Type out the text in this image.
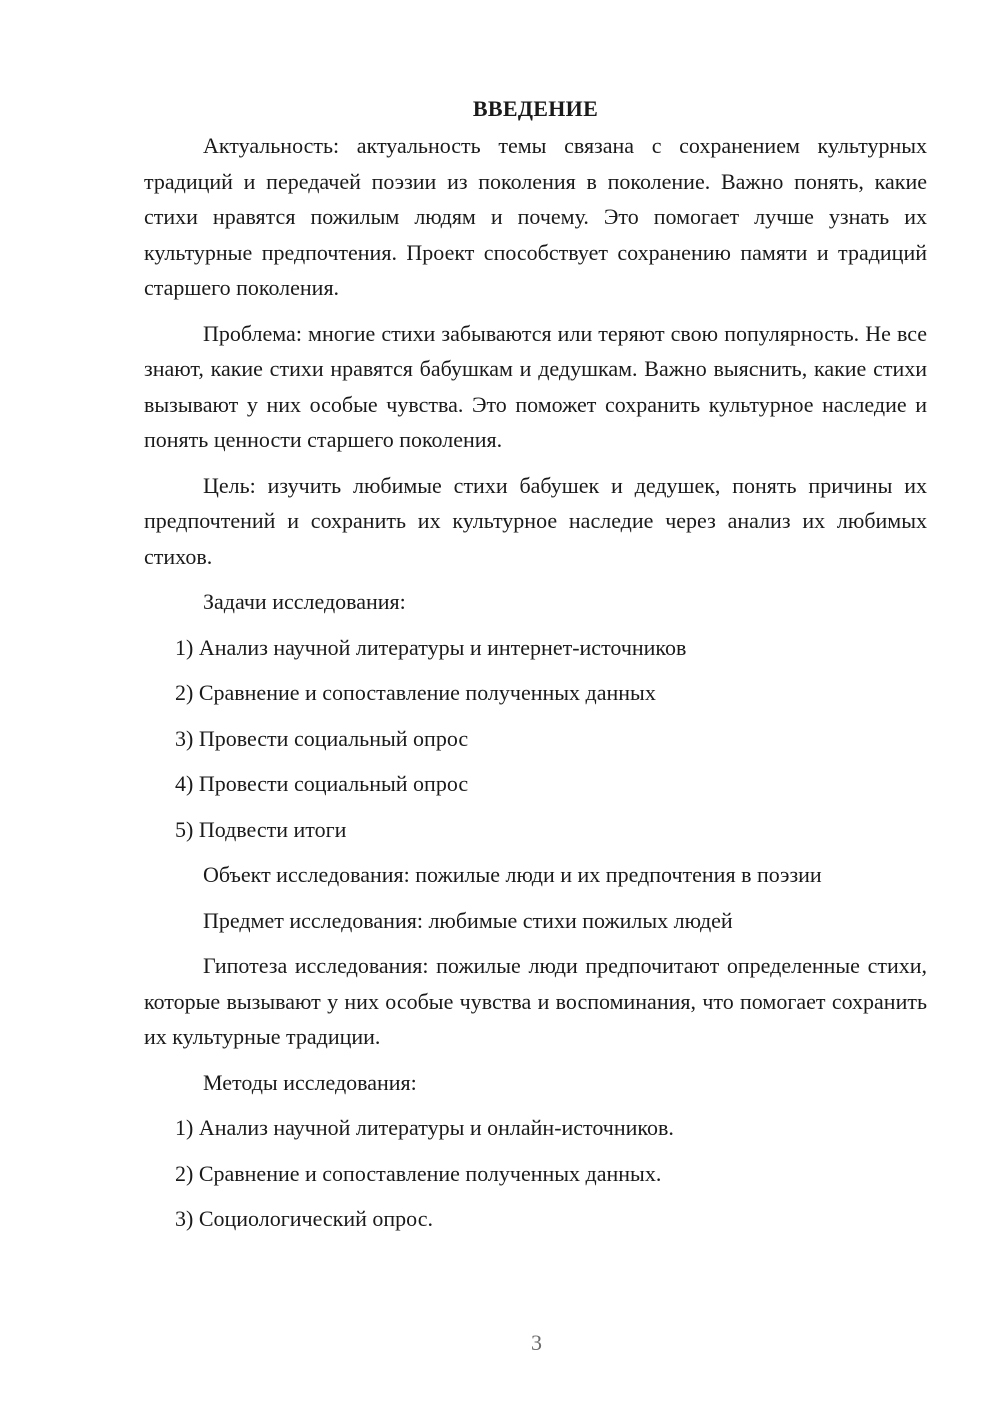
ВВЕДЕНИЕ

Актуальность: актуальность темы связана с сохранением культурных традиций и передачей поэзии из поколения в поколение. Важно понять, какие стихи нравятся пожилым людям и почему. Это помогает лучше узнать их культурные предпочтения. Проект способствует сохранению памяти и традиций старшего поколения.

Проблема: многие стихи забываются или теряют свою популярность. Не все знают, какие стихи нравятся бабушкам и дедушкам. Важно выяснить, какие стихи вызывают у них особые чувства. Это поможет сохранить культурное наследие и понять ценности старшего поколения.

Цель: изучить любимые стихи бабушек и дедушек, понять причины их предпочтений и сохранить их культурное наследие через анализ их любимых стихов.

Задачи исследования:

1) Анализ научной литературы и интернет-источников

2) Сравнение и сопоставление полученных данных

3) Провести социальный опрос

4) Провести социальный опрос

5) Подвести итоги

Объект исследования: пожилые люди и их предпочтения в поэзии

Предмет исследования: любимые стихи пожилых людей

Гипотеза исследования: пожилые люди предпочитают определенные стихи, которые вызывают у них особые чувства и воспоминания, что помогает сохранить их культурные традиции.

Методы исследования:

1) Анализ научной литературы и онлайн-источников.

2) Сравнение и сопоставление полученных данных.

3) Социологический опрос.

3
